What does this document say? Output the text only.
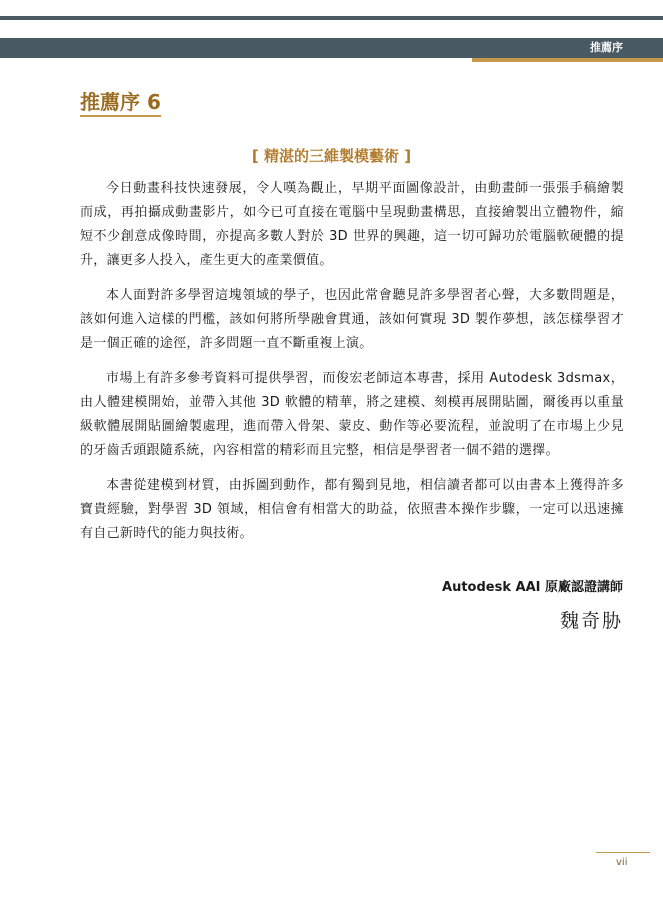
推薦序
推薦序 6
[ 精湛的三維製模藝術 ]

今日動畫科技快速發展，令人嘆為觀止，早期平面圖像設計，由動畫師一張張手稿繪製而成，再拍攝成動畫影片，如今已可直接在電腦中呈現動畫構思，直接繪製出立體物件，縮短不少創意成像時間，亦提高多數人對於 3D 世界的興趣，這一切可歸功於電腦軟硬體的提升，讓更多人投入，產生更大的產業價值。

本人面對許多學習這塊領域的學子，也因此常會聽見許多學習者心聲，大多數問題是，該如何進入這樣的門檻，該如何將所學融會貫通，該如何實現 3D 製作夢想，該怎樣學習才是一個正確的途徑，許多問題一直不斷重複上演。

市場上有許多參考資料可提供學習，而俊宏老師這本專書，採用 Autodesk 3dsmax，由人體建模開始，並帶入其他 3D 軟體的精華，將之建模、刻模再展開貼圖，爾後再以重量級軟體展開貼圖繪製處理，進而帶入骨架、蒙皮、動作等必要流程，並說明了在市場上少見的牙齒舌頭跟隨系統，內容相當的精彩而且完整，相信是學習者一個不錯的選擇。

本書從建模到材質，由拆圖到動作，都有獨到見地，相信讀者都可以由書本上獲得許多寶貴經驗，對學習 3D 領域，相信會有相當大的助益，依照書本操作步驟，一定可以迅速擁有自己新時代的能力與技術。

Autodesk AAI 原廠認證講師
魏奇胁
vii
